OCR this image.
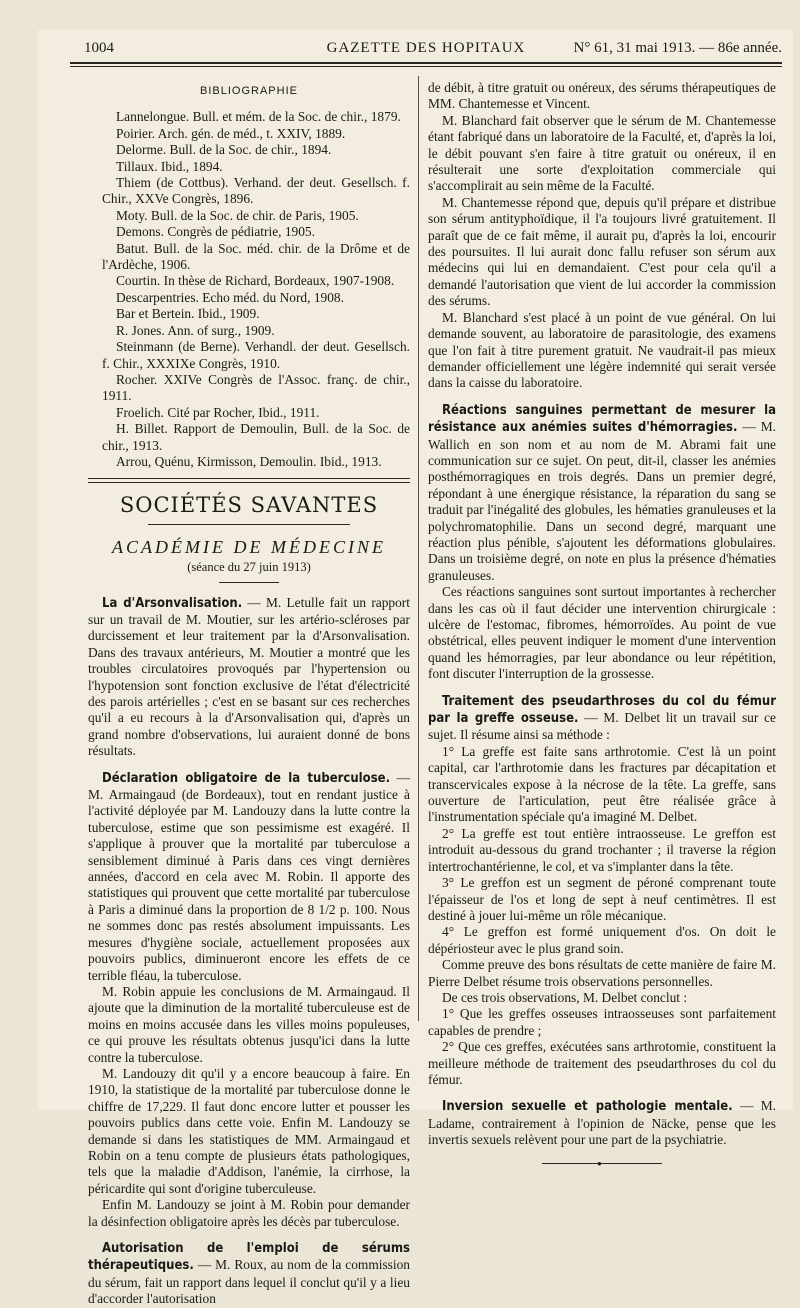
1004	GAZETTE DES HOPITAUX	N° 61, 31 mai 1913. — 86e année.
BIBLIOGRAPHIE

Lannelongue. Bull. et mém. de la Soc. de chir., 1879.

Poirier. Arch. gén. de méd., t. XXIV, 1889.

Delorme. Bull. de la Soc. de chir., 1894.

Tillaux. Ibid., 1894.

Thiem (de Cottbus). Verhand. der deut. Gesellsch. f. Chir., XXVe Congrès, 1896.

Moty. Bull. de la Soc. de chir. de Paris, 1905.

Demons. Congrès de pédiatrie, 1905.

Batut. Bull. de la Soc. méd. chir. de la Drôme et de l'Ardèche, 1906.

Courtin. In thèse de Richard, Bordeaux, 1907-1908.

Descarpentries. Echo méd. du Nord, 1908.

Bar et Bertein. Ibid., 1909.

R. Jones. Ann. of surg., 1909.

Steinmann (de Berne). Verhandl. der deut. Gesellsch. f. Chir., XXXIXe Congrès, 1910.

Rocher. XXIVe Congrès de l'Assoc. franç. de chir., 1911.

Froelich. Cité par Rocher, Ibid., 1911.

H. Billet. Rapport de Demoulin, Bull. de la Soc. de chir., 1913.

Arrou, Quénu, Kirmisson, Demoulin. Ibid., 1913.

SOCIÉTÉS SAVANTES
ACADÉMIE DE MÉDECINE
(séance du 27 juin 1913)

La d'Arsonvalisation. — M. Letulle fait un rapport sur un travail de M. Moutier, sur les artério-scléroses par durcissement et leur traitement par la d'Arsonvalisation. Dans des travaux antérieurs, M. Moutier a montré que les troubles circulatoires provoqués par l'hypertension ou l'hypotension sont fonction exclusive de l'état d'électricité des parois artérielles ; c'est en se basant sur ces recherches qu'il a eu recours à la d'Arsonvalisation qui, d'après un grand nombre d'observations, lui auraient donné de bons résultats.

Déclaration obligatoire de la tuberculose. — M. Armaingaud (de Bordeaux), tout en rendant justice à l'activité déployée par M. Landouzy dans la lutte contre la tuberculose, estime que son pessimisme est exagéré. Il s'applique à prouver que la mortalité par tuberculose a sensiblement diminué à Paris dans ces vingt dernières années, d'accord en cela avec M. Robin. Il apporte des statistiques qui prouvent que cette mortalité par tuberculose à Paris a diminué dans la proportion de 8 1/2 p. 100. Nous ne sommes donc pas restés absolument impuissants. Les mesures d'hygiène sociale, actuellement proposées aux pouvoirs publics, diminueront encore les effets de ce terrible fléau, la tuberculose.

M. Robin appuie les conclusions de M. Armaingaud. Il ajoute que la diminution de la mortalité tuberculeuse est de moins en moins accusée dans les villes moins populeuses, ce qui prouve les résultats obtenus jusqu'ici dans la lutte contre la tuberculose.

M. Landouzy dit qu'il y a encore beaucoup à faire. En 1910, la statistique de la mortalité par tuberculose donne le chiffre de 17,229. Il faut donc encore lutter et pousser les pouvoirs publics dans cette voie. Enfin M. Landouzy se demande si dans les statistiques de MM. Armaingaud et Robin on a tenu compte de plusieurs états pathologiques, tels que la maladie d'Addison, l'anémie, la cirrhose, la péricardite qui sont d'origine tuberculeuse.

Enfin M. Landouzy se joint à M. Robin pour demander la désinfection obligatoire après les décès par tuberculose.

Autorisation de l'emploi de sérums thérapeutiques. — M. Roux, au nom de la commission du sérum, fait un rapport dans lequel il conclut qu'il y a lieu d'accorder l'autorisation

de débit, à titre gratuit ou onéreux, des sérums thérapeutiques de MM. Chantemesse et Vincent.

M. Blanchard fait observer que le sérum de M. Chantemesse étant fabriqué dans un laboratoire de la Faculté, et, d'après la loi, le débit pouvant s'en faire à titre gratuit ou onéreux, il en résulterait une sorte d'exploitation commerciale qui s'accomplirait au sein même de la Faculté.

M. Chantemesse répond que, depuis qu'il prépare et distribue son sérum antityphoïdique, il l'a toujours livré gratuitement. Il paraît que de ce fait même, il aurait pu, d'après la loi, encourir des poursuites. Il lui aurait donc fallu refuser son sérum aux médecins qui lui en demandaient. C'est pour cela qu'il a demandé l'autorisation que vient de lui accorder la commission des sérums.

M. Blanchard s'est placé à un point de vue général. On lui demande souvent, au laboratoire de parasitologie, des examens que l'on fait à titre purement gratuit. Ne vaudrait-il pas mieux demander officiellement une légère indemnité qui serait versée dans la caisse du laboratoire.

Réactions sanguines permettant de mesurer la résistance aux anémies suites d'hémorragies. — M. Wallich en son nom et au nom de M. Abrami fait une communication sur ce sujet. On peut, dit-il, classer les anémies posthémorragiques en trois degrés. Dans un premier degré, répondant à une énergique résistance, la réparation du sang se traduit par l'inégalité des globules, les hématies granuleuses et la polychromatophilie. Dans un second degré, marquant une réaction plus pénible, s'ajoutent les déformations globulaires. Dans un troisième degré, on note en plus la présence d'hématies granuleuses.

Ces réactions sanguines sont surtout importantes à rechercher dans les cas où il faut décider une intervention chirurgicale : ulcère de l'estomac, fibromes, hémorroïdes. Au point de vue obstétrical, elles peuvent indiquer le moment d'une intervention quand les hémorragies, par leur abondance ou leur répétition, font discuter l'interruption de la grossesse.

Traitement des pseudarthroses du col du fémur par la greffe osseuse. — M. Delbet lit un travail sur ce sujet. Il résume ainsi sa méthode :

1° La greffe est faite sans arthrotomie. C'est là un point capital, car l'arthrotomie dans les fractures par décapitation et transcervicales expose à la nécrose de la tête. La greffe, sans ouverture de l'articulation, peut être réalisée grâce à l'instrumentation spéciale qu'a imaginé M. Delbet.

2° La greffe est tout entière intraosseuse. Le greffon est introduit au-dessous du grand trochanter ; il traverse la région intertrochantérienne, le col, et va s'implanter dans la tête.

3° Le greffon est un segment de péroné comprenant toute l'épaisseur de l'os et long de sept à neuf centimètres. Il est destiné à jouer lui-même un rôle mécanique.

4° Le greffon est formé uniquement d'os. On doit le dépériosteur avec le plus grand soin.

Comme preuve des bons résultats de cette manière de faire M. Pierre Delbet résume trois observations personnelles.

De ces trois observations, M. Delbet conclut :

1° Que les greffes osseuses intraosseuses sont parfaitement capables de prendre ;

2° Que ces greffes, exécutées sans arthrotomie, constituent la meilleure méthode de traitement des pseudarthroses du col du fémur.

Inversion sexuelle et pathologie mentale. — M. Ladame, contrairement à l'opinion de Näcke, pense que les invertis sexuels relèvent pour une part de la psychiatrie.

●
